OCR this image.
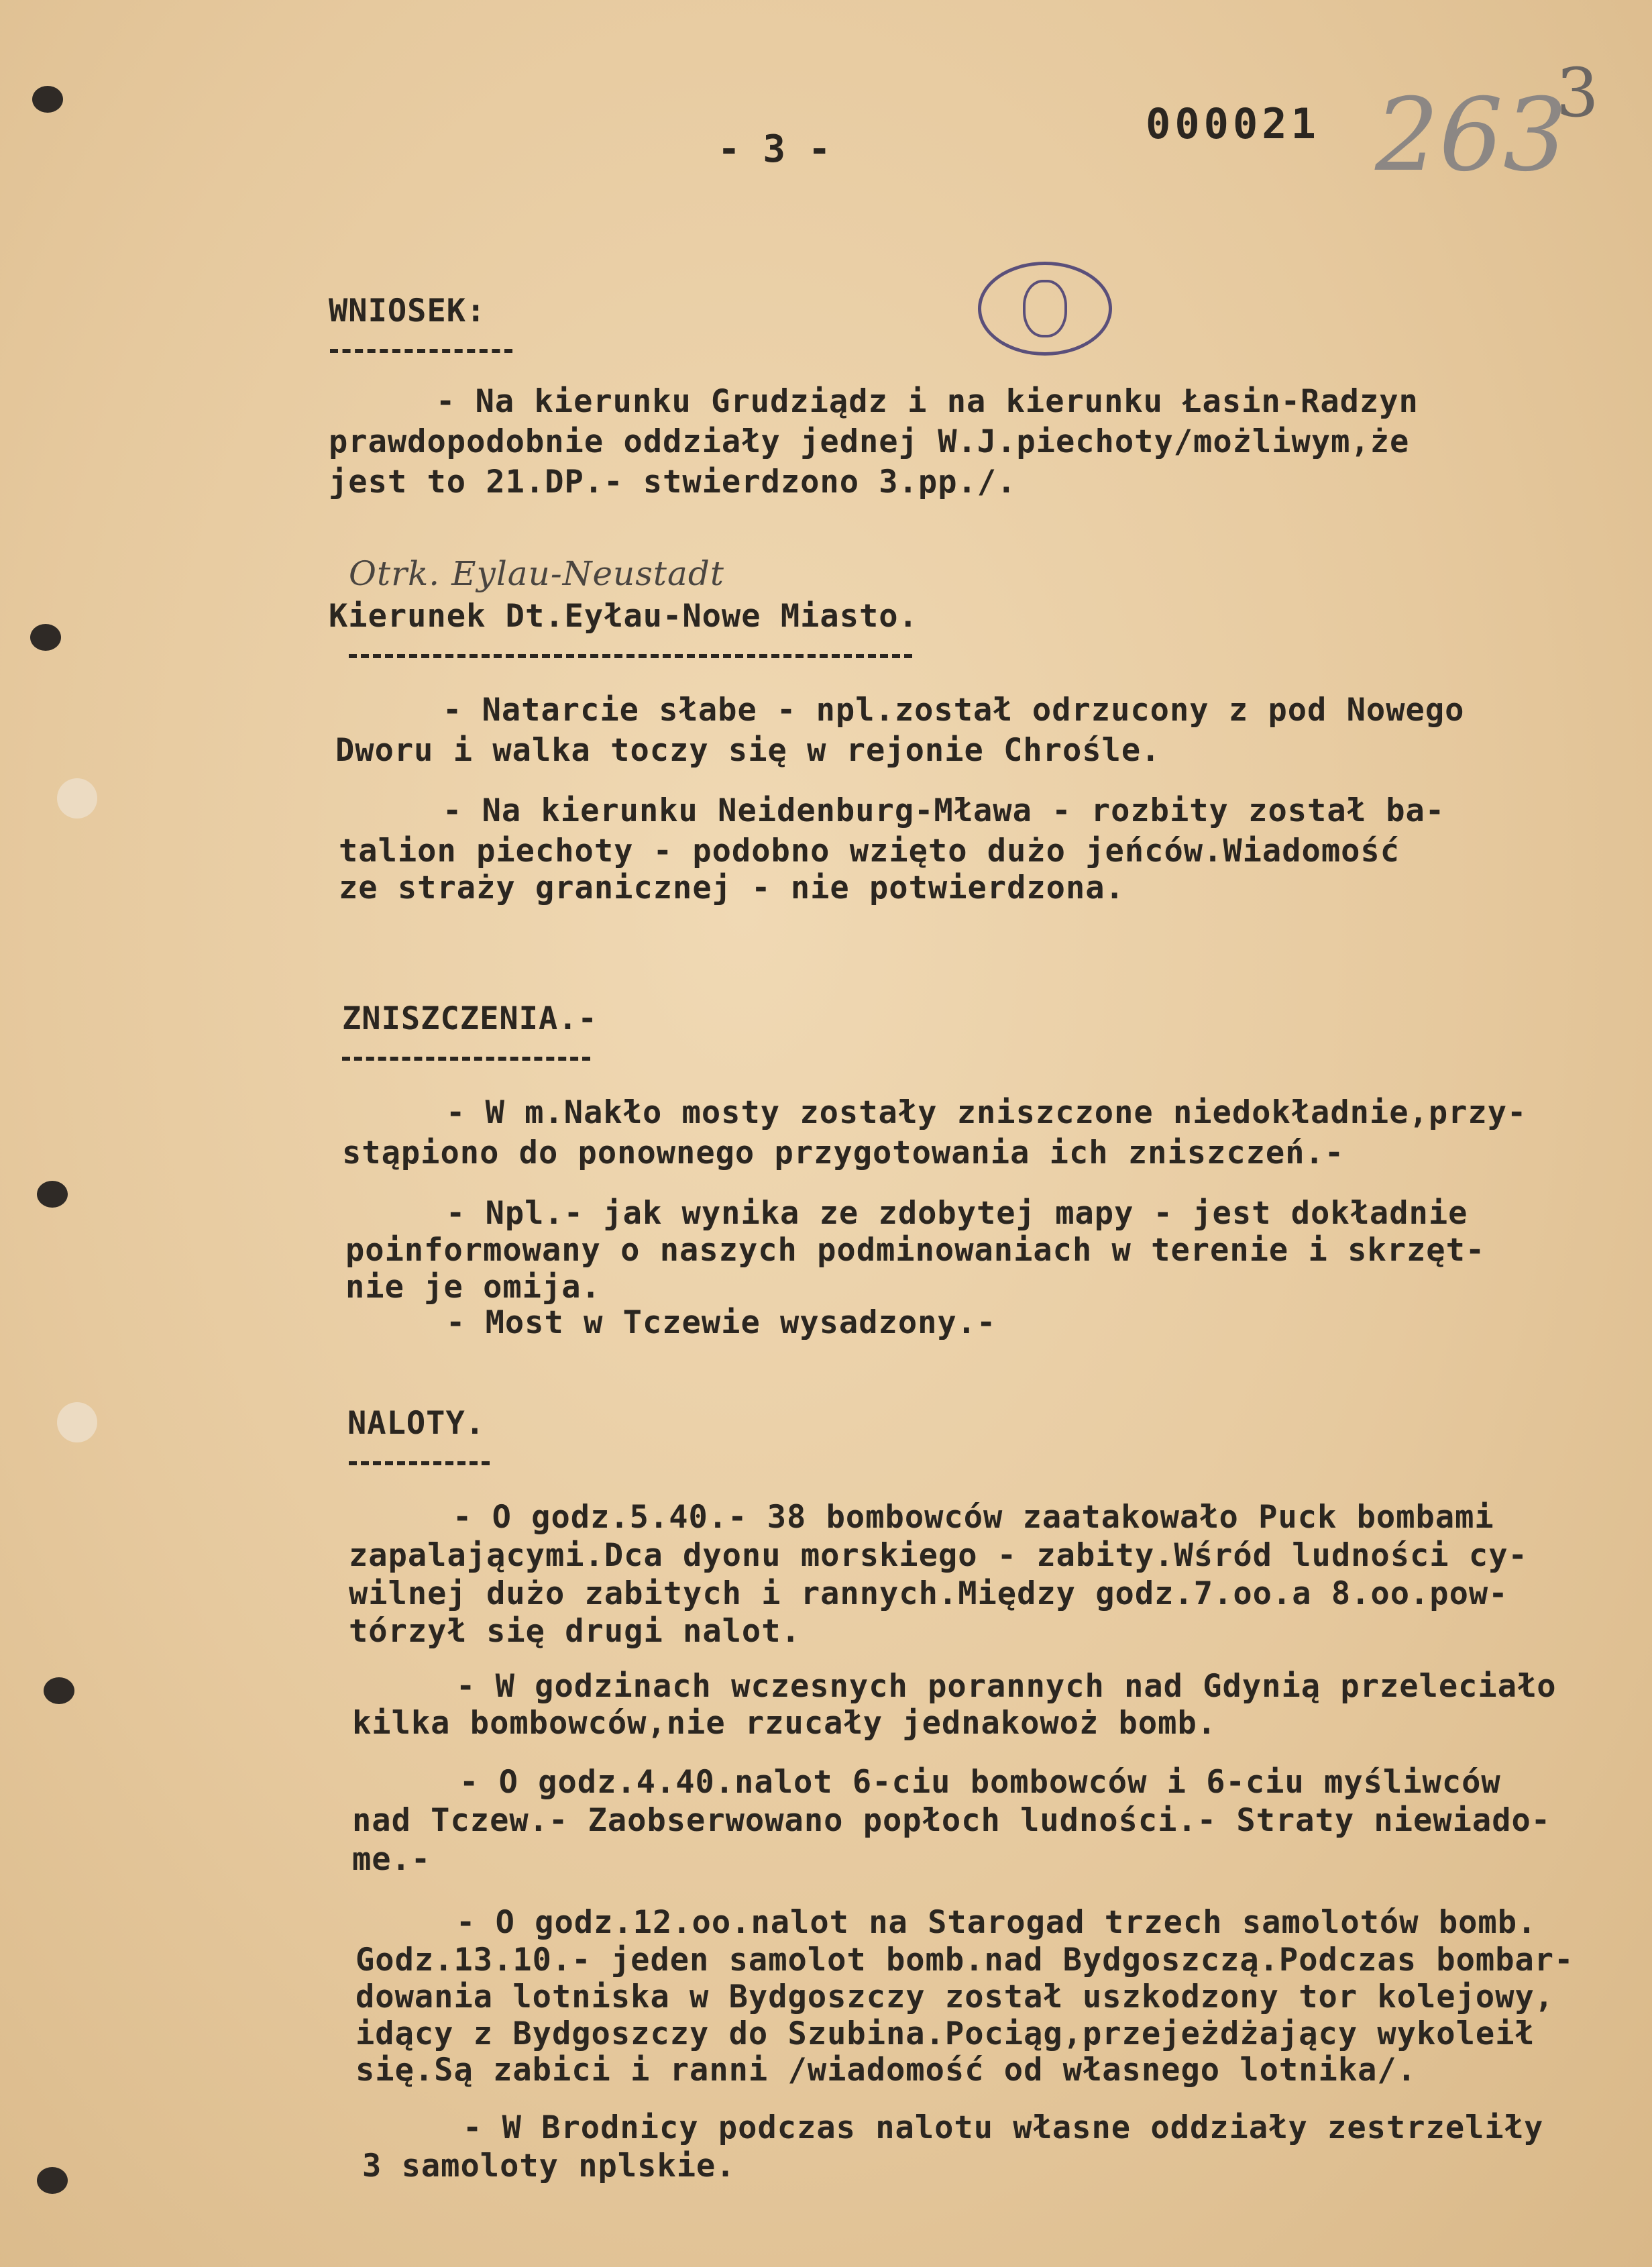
- 3 -
000021 263
3
WNIOSEK:
- Na kierunku Grudziądz i na kierunku Łasin-Radzyn
prawdopodobnie oddziały jednej W.J.piechoty/możliwym,że
jest to 21.DP.- stwierdzono 3.pp./.
Otrk. Eylau-Neustadt
Kierunek Dt.Eyłau-Nowe Miasto.
- Natarcie słabe - npl.został odrzucony z pod Nowego
Dworu i walka toczy się w rejonie Chrośle.
- Na kierunku Neidenburg-Mława - rozbity został ba-
talion piechoty - podobno wzięto dużo jeńców.Wiadomość
ze straży granicznej - nie potwierdzona.
ZNISZCZENIA.-
- W m.Nakło mosty zostały zniszczone niedokładnie,przy-
stąpiono do ponownego przygotowania ich zniszczeń.-
- Npl.- jak wynika ze zdobytej mapy - jest dokładnie
poinformowany o naszych podminowaniach w terenie i skrzęt-
nie je omija.
- Most w Tczewie wysadzony.-
NALOTY.
- O godz.5.40.- 38 bombowców zaatakowało Puck bombami
zapalającymi.Dca dyonu morskiego - zabity.Wśród ludności cy-
wilnej dużo zabitych i rannych.Między godz.7.oo.a 8.oo.pow-
tórzył się drugi nalot.
- W godzinach wczesnych porannych nad Gdynią przeleciało
kilka bombowców,nie rzucały jednakowoż bomb.
- O godz.4.40.nalot 6-ciu bombowców i 6-ciu myśliwców
nad Tczew.- Zaobserwowano popłoch ludności.- Straty niewiado-
me.-
- O godz.12.oo.nalot na Starogad trzech samolotów bomb.
Godz.13.10.- jeden samolot bomb.nad Bydgoszczą.Podczas bombar-
dowania lotniska w Bydgoszczy został uszkodzony tor kolejowy,
idący z Bydgoszczy do Szubina.Pociąg,przejeżdżający wykoleił
się.Są zabici i ranni /wiadomość od własnego lotnika/.
- W Brodnicy podczas nalotu własne oddziały zestrzeliły
3 samoloty nplskie.
